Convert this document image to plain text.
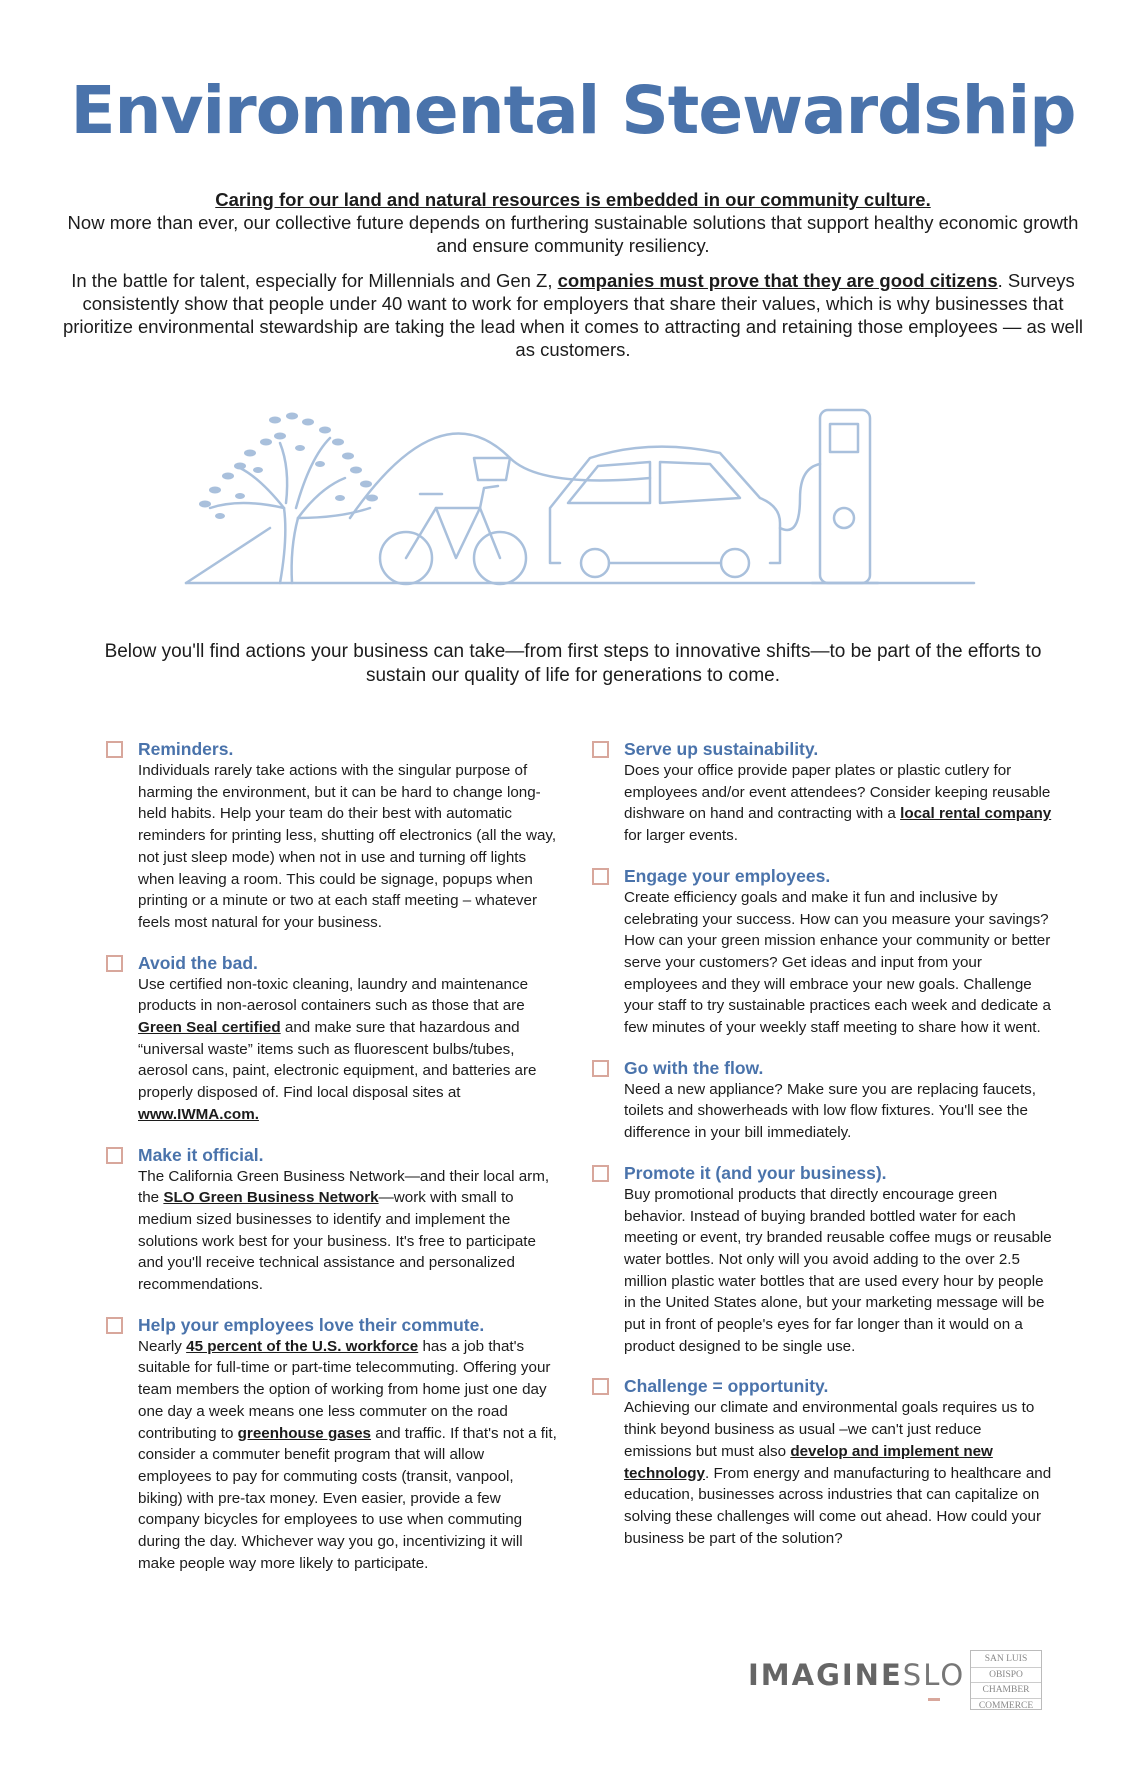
Environmental Stewardship

Caring for our land and natural resources is embedded in our community culture.
Now more than ever, our collective future depends on furthering sustainable solutions that support healthy economic growth and ensure community resiliency.

In the battle for talent, especially for Millennials and Gen Z, companies must prove that they are good citizens. Surveys consistently show that people under 40 want to work for employers that share their values, which is why businesses that prioritize environmental stewardship are taking the lead when it comes to attracting and retaining those employees — as well as customers.

Below you'll find actions your business can take—from first steps to innovative shifts—to be part of the efforts to sustain our quality of life for generations to come.

Reminders.

Individuals rarely take actions with the singular purpose of harming the environment, but it can be hard to change long-held habits. Help your team do their best with automatic reminders for printing less, shutting off electronics (all the way, not just sleep mode) when not in use and turning off lights when leaving a room. This could be signage, popups when printing or a minute or two at each staff meeting – whatever feels most natural for your business.

Avoid the bad.

Use certified non-toxic cleaning, laundry and maintenance products in non-aerosol containers such as those that are Green Seal certified and make sure that hazardous and “universal waste” items such as fluorescent bulbs/tubes, aerosol cans, paint, electronic equipment, and batteries are properly disposed of. Find local disposal sites at www.IWMA.com.

Make it official.

The California Green Business Network—and their local arm, the SLO Green Business Network—work with small to medium sized businesses to identify and implement the solutions work best for your business. It's free to participate and you'll receive technical assistance and personalized recommendations.

Help your employees love their commute.

Nearly 45 percent of the U.S. workforce has a job that's suitable for full-time or part-time telecommuting. Offering your team members the option of working from home just one day one day a week means one less commuter on the road contributing to greenhouse gases and traffic. If that's not a fit, consider a commuter benefit program that will allow employees to pay for commuting costs (transit, vanpool, biking) with pre-tax money. Even easier, provide a few company bicycles for employees to use when commuting during the day. Whichever way you go, incentivizing it will make people way more likely to participate.

Serve up sustainability.

Does your office provide paper plates or plastic cutlery for employees and/or event attendees? Consider keeping reusable dishware on hand and contracting with a local rental company for larger events.

Engage your employees.

Create efficiency goals and make it fun and inclusive by celebrating your success. How can you measure your savings? How can your green mission enhance your community or better serve your customers? Get ideas and input from your employees and they will embrace your new goals. Challenge your staff to try sustainable practices each week and dedicate a few minutes of your weekly staff meeting to share how it went.

Go with the flow.

Need a new appliance? Make sure you are replacing faucets, toilets and showerheads with low flow fixtures. You'll see the difference in your bill immediately.

Promote it (and your business).

Buy promotional products that directly encourage green behavior. Instead of buying branded bottled water for each meeting or event, try branded reusable coffee mugs or reusable water bottles. Not only will you avoid adding to the over 2.5 million plastic water bottles that are used every hour by people in the United States alone, but your marketing message will be put in front of people's eyes for far longer than it would on a product designed to be single use.

Challenge = opportunity.

Achieving our climate and environmental goals requires us to think beyond business as usual –we can't just reduce emissions but must also develop and implement new technology. From energy and manufacturing to healthcare and education, businesses across industries that can capitalize on solving these challenges will come out ahead. How could your business be part of the solution?

IMAGINESLO	SAN LUIS
OBISPO
CHAMBER
COMMERCE
